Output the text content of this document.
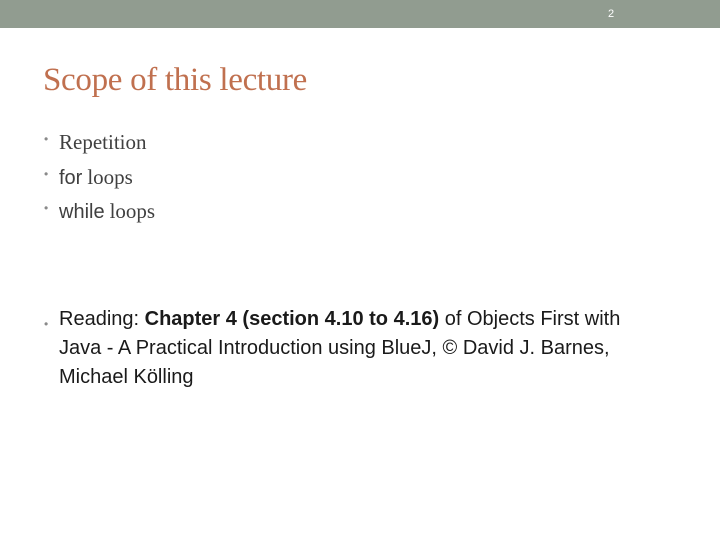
2
Scope of this lecture
• Repetition
• for loops
• while loops
• Reading: Chapter 4 (section 4.10 to 4.16) of Objects First with Java - A Practical Introduction using BlueJ, © David J. Barnes, Michael Kölling
